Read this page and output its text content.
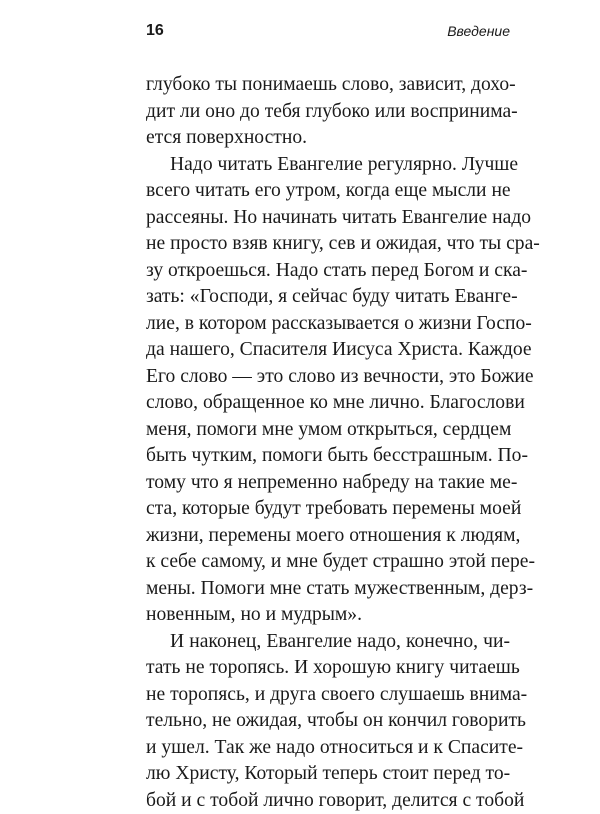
16	Введение
глубоко ты понимаешь слово, зависит, дохо-
дит ли оно до тебя глубоко или воспринима-
ется поверхностно.
Надо читать Евангелие регулярно. Лучше
всего читать его утром, когда еще мысли не
рассеяны. Но начинать читать Евангелие надо
не просто взяв книгу, сев и ожидая, что ты сра-
зу откроешься. Надо стать перед Богом и ска-
зать: «Господи, я сейчас буду читать Еванге-
лие, в котором рассказывается о жизни Госпо-
да нашего, Спасителя Иисуса Христа. Каждое
Его слово — это слово из вечности, это Божие
слово, обращенное ко мне лично. Благослови
меня, помоги мне умом открыться, сердцем
быть чутким, помоги быть бесстрашным. По-
тому что я непременно набреду на такие ме-
ста, которые будут требовать перемены моей
жизни, перемены моего отношения к людям,
к себе самому, и мне будет страшно этой пере-
мены. Помоги мне стать мужественным, дерз-
новенным, но и мудрым».
И наконец, Евангелие надо, конечно, чи-
тать не торопясь. И хорошую книгу читаешь
не торопясь, и друга своего слушаешь внима-
тельно, не ожидая, чтобы он кончил говорить
и ушел. Так же надо относиться и к Спасите-
лю Христу, Который теперь стоит перед то-
бой и с тобой лично говорит, делится с тобой
